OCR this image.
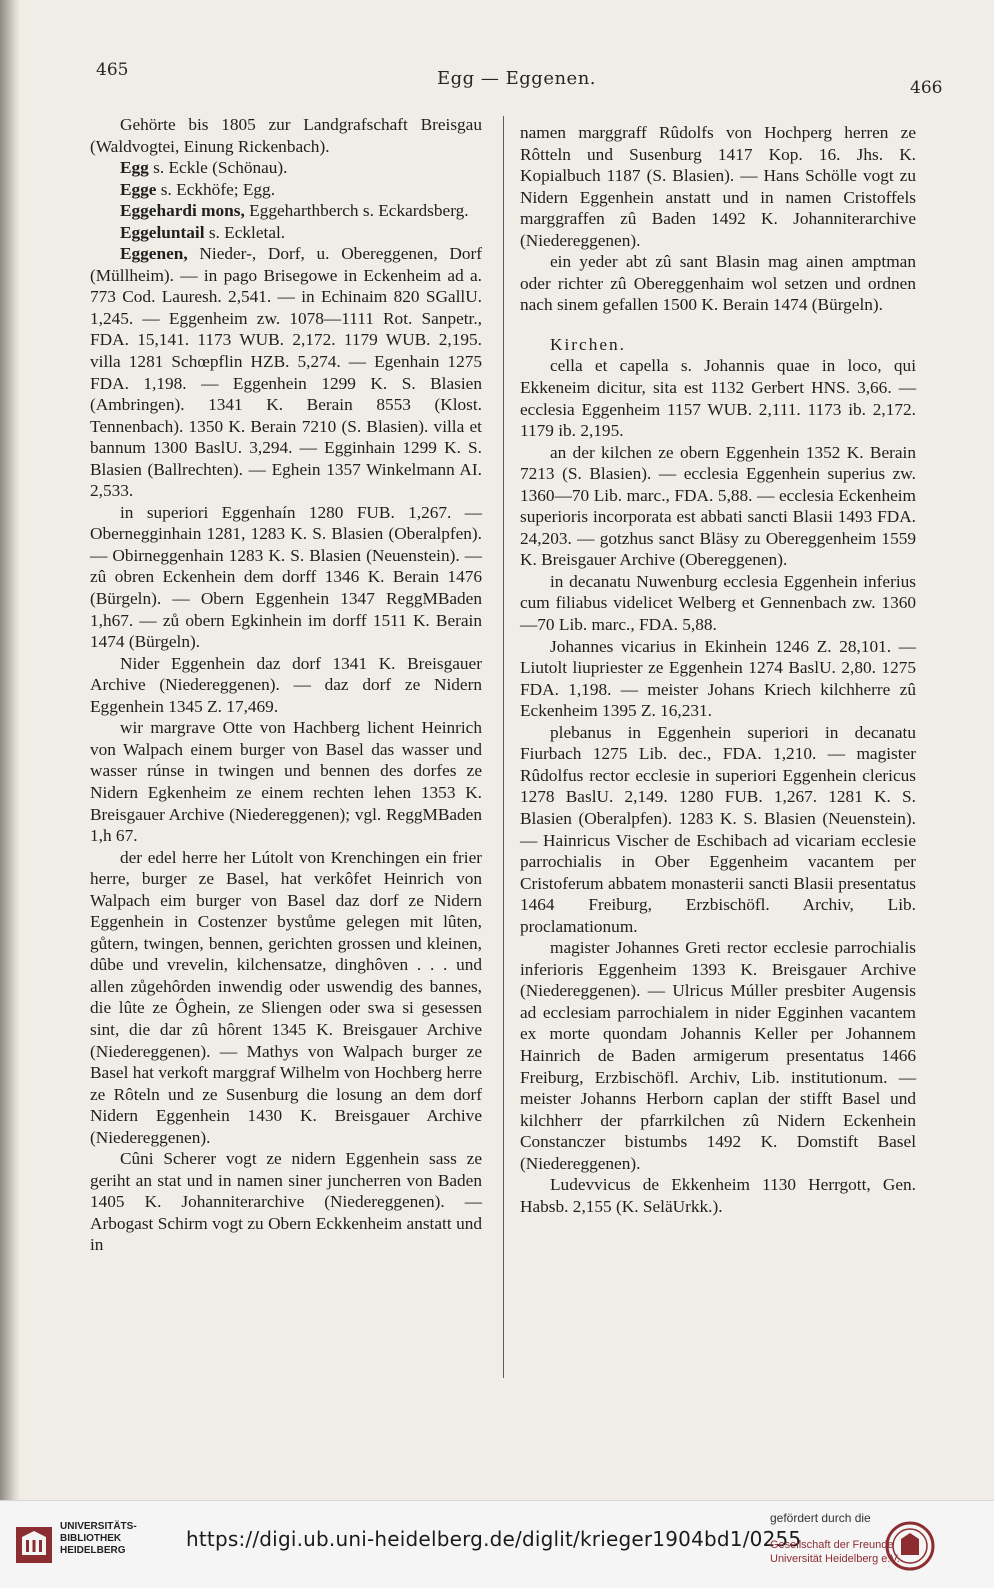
465	Egg — Eggenen.	466

Gehörte bis 1805 zur Landgrafschaft Breisgau (Waldvogtei, Einung Rickenbach).

Egg s. Eckle (Schönau).

Egge s. Eckhöfe; Egg.

Eggehardi mons, Eggeharthberch s. Eckardsberg.

Eggeluntail s. Eckletal.

Eggenen, Nieder-, Dorf, u. Obereggenen, Dorf (Müllheim). — in pago Brisegowe in Eckenheim ad a. 773 Cod. Lauresh. 2,541. — in Echinaim 820 SGallU. 1,245. — Eggenheim zw. 1078—1111 Rot. Sanpetr., FDA. 15,141. 1173 WUB. 2,172. 1179 WUB. 2,195. villa 1281 Schœpflin HZB. 5,274. — Egenhain 1275 FDA. 1,198. — Eggenhein 1299 K. S. Blasien (Ambringen). 1341 K. Berain 8553 (Klost. Tennenbach). 1350 K. Berain 7210 (S. Blasien). villa et bannum 1300 BaslU. 3,294. — Egginhain 1299 K. S. Blasien (Ballrechten). — Eghein 1357 Winkelmann AI. 2,533.

in superiori Eggenhaín 1280 FUB. 1,267. — Obernegginhain 1281, 1283 K. S. Blasien (Oberalpfen). — Obirneggenhain 1283 K. S. Blasien (Neuenstein). — zû obren Eckenhein dem dorff 1346 K. Berain 1476 (Bürgeln). — Obern Eggenhein 1347 ReggMBaden 1,h67. — zů obern Egkinhein im dorff 1511 K. Berain 1474 (Bürgeln).

Nider Eggenhein daz dorf 1341 K. Breisgauer Archive (Niedereggenen). — daz dorf ze Nidern Eggenhein 1345 Z. 17,469.

wir margrave Otte von Hachberg lichent Heinrich von Walpach einem burger von Basel das wasser und wasser rúnse in twingen und bennen des dorfes ze Nidern Egkenheim ze einem rechten lehen 1353 K. Breisgauer Archive (Niedereggenen); vgl. ReggMBaden 1,h 67.

der edel herre her Lútolt von Krenchingen ein frier herre, burger ze Basel, hat verkôfet Heinrich von Walpach eim burger von Basel daz dorf ze Nidern Eggenhein in Costenzer bystůme gelegen mit lûten, gůtern, twingen, bennen, gerichten grossen und kleinen, dûbe und vrevelin, kilchensatze, dinghôven . . . und allen zůgehôrden inwendig oder uswendig des bannes, die lûte ze Ôghein, ze Sliengen oder swa si gesessen sint, die dar zû hôrent 1345 K. Breisgauer Archive (Niedereggenen). — Mathys von Walpach burger ze Basel hat verkoft marggraf Wilhelm von Hochberg herre ze Rôteln und ze Susenburg die losung an dem dorf Nidern Eggenhein 1430 K. Breisgauer Archive (Niedereggenen).

Cûni Scherer vogt ze nidern Eggenhein sass ze geriht an stat und in namen siner juncherren von Baden 1405 K. Johanniterarchive (Niedereggenen). — Arbogast Schirm vogt zu Obern Eckkenheim anstatt und in

namen marggraff Rûdolfs von Hochperg herren ze Rôtteln und Susenburg 1417 Kop. 16. Jhs. K. Kopialbuch 1187 (S. Blasien). — Hans Schölle vogt zu Nidern Eggenhein anstatt und in namen Cristoffels marggraffen zû Baden 1492 K. Johanniterarchive (Niedereggenen).

ein yeder abt zû sant Blasin mag ainen amptman oder richter zû Obereggenhaim wol setzen und ordnen nach sinem gefallen 1500 K. Berain 1474 (Bürgeln).

Kirchen.

cella et capella s. Johannis quae in loco, qui Ekkeneim dicitur, sita est 1132 Gerbert HNS. 3,66. — ecclesia Eggenheim 1157 WUB. 2,111. 1173 ib. 2,172. 1179 ib. 2,195.

an der kilchen ze obern Eggenhein 1352 K. Berain 7213 (S. Blasien). — ecclesia Eggenhein superius zw. 1360—70 Lib. marc., FDA. 5,88. — ecclesia Eckenheim superioris incorporata est abbati sancti Blasii 1493 FDA. 24,203. — gotzhus sanct Bläsy zu Obereggenheim 1559 K. Breisgauer Archive (Obereggenen).

in decanatu Nuwenburg ecclesia Eggenhein inferius cum filiabus videlicet Welberg et Gennenbach zw. 1360—70 Lib. marc., FDA. 5,88.

Johannes vicarius in Ekinhein 1246 Z. 28,101. — Liutolt liupriester ze Eggenhein 1274 BaslU. 2,80. 1275 FDA. 1,198. — meister Johans Kriech kilchherre zû Eckenheim 1395 Z. 16,231.

plebanus in Eggenhein superiori in decanatu Fiurbach 1275 Lib. dec., FDA. 1,210. — magister Rûdolfus rector ecclesie in superiori Eggenhein clericus 1278 BaslU. 2,149. 1280 FUB. 1,267. 1281 K. S. Blasien (Oberalpfen). 1283 K. S. Blasien (Neuenstein). — Hainricus Vischer de Eschibach ad vicariam ecclesie parrochialis in Ober Eggenheim vacantem per Cristoferum abbatem monasterii sancti Blasii presentatus 1464 Freiburg, Erzbischöfl. Archiv, Lib. proclamationum.

magister Johannes Greti rector ecclesie parrochialis inferioris Eggenheim 1393 K. Breisgauer Archive (Niedereggenen). — Ulricus Múller presbiter Augensis ad ecclesiam parrochialem in nider Egginhen vacantem ex morte quondam Johannis Keller per Johannem Hainrich de Baden armigerum presentatus 1466 Freiburg, Erzbischöfl. Archiv, Lib. institutionum. — meister Johanns Herborn caplan der stifft Basel und kilchherr der pfarrkilchen zû Nidern Eckenhein Constanczer bistumbs 1492 K. Domstift Basel (Niedereggenen).

Ludevvicus de Ekkenheim 1130 Herrgott, Gen. Habsb. 2,155 (K. SeläUrkk.).

UNIVERSITÄTS-
BIBLIOTHEK
HEIDELBERG	https://digi.ub.uni-heidelberg.de/diglit/krieger1904bd1/0255
gefördert durch die
Gesellschaft der Freunde
Universität Heidelberg e.V.
